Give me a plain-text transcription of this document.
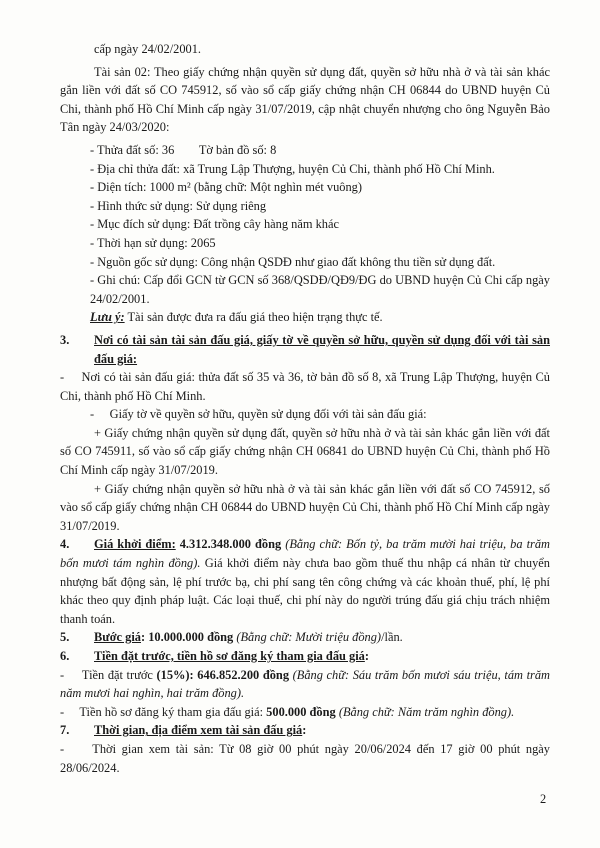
cấp ngày 24/02/2001.

Tài sản 02: Theo giấy chứng nhận quyền sử dụng đất, quyền sở hữu nhà ở và tài sản khác gắn liền với đất số CO 745912, số vào sổ cấp giấy chứng nhận CH 06844 do UBND huyện Củ Chi, thành phố Hồ Chí Minh cấp ngày 31/07/2019, cập nhật chuyển nhượng cho ông Nguyễn Bảo Tân ngày 24/03/2020:

- Thửa đất số: 36        Tờ bản đồ số: 8

- Địa chỉ thửa đất: xã Trung Lập Thượng, huyện Củ Chi, thành phố Hồ Chí Minh.

- Diện tích: 1000 m² (bằng chữ: Một nghìn mét vuông)

- Hình thức sử dụng: Sử dụng riêng

- Mục đích sử dụng: Đất trồng cây hàng năm khác

- Thời hạn sử dụng: 2065

- Nguồn gốc sử dụng: Công nhận QSDĐ như giao đất không thu tiền sử dụng đất.

- Ghi chú: Cấp đổi GCN từ GCN số 368/QSDĐ/QĐ9/ĐG do UBND huyện Củ Chi cấp ngày 24/02/2001.

Lưu ý: Tài sản được đưa ra đấu giá theo hiện trạng thực tế.

3. Nơi có tài sản tài sản đấu giá, giấy tờ về quyền sở hữu, quyền sử dụng đối với tài sản đấu giá:

-     Nơi có tài sản đấu giá: thửa đất số 35 và 36, tờ bản đồ số 8, xã Trung Lập Thượng, huyện Củ Chi, thành phố Hồ Chí Minh.

-     Giấy tờ về quyền sở hữu, quyền sử dụng đối với tài sản đấu giá:

+ Giấy chứng nhận quyền sử dụng đất, quyền sở hữu nhà ở và tài sản khác gắn liền với đất số CO 745911, số vào sổ cấp giấy chứng nhận CH 06841 do UBND huyện Củ Chi, thành phố Hồ Chí Minh cấp ngày 31/07/2019.

+ Giấy chứng nhận quyền sở hữu nhà ở và tài sản khác gắn liền với đất số CO 745912, số vào sổ cấp giấy chứng nhận CH 06844 do UBND huyện Củ Chi, thành phố Hồ Chí Minh cấp ngày 31/07/2019.

4. Giá khởi điểm: 4.312.348.000 đồng (Bằng chữ: Bốn tỷ, ba trăm mười hai triệu, ba trăm bốn mươi tám nghìn đồng). Giá khởi điểm này chưa bao gồm thuế thu nhập cá nhân từ chuyển nhượng bất động sản, lệ phí trước bạ, chi phí sang tên công chứng và các khoản thuế, phí, lệ phí khác theo quy định pháp luật. Các loại thuế, chi phí này do người trúng đấu giá chịu trách nhiệm thanh toán.

5. Bước giá: 10.000.000 đồng (Bằng chữ: Mười triệu đồng)/lần.

6. Tiền đặt trước, tiền hồ sơ đăng ký tham gia đấu giá:

-     Tiền đặt trước (15%): 646.852.200 đồng (Bằng chữ: Sáu trăm bốn mươi sáu triệu, tám trăm năm mươi hai nghìn, hai trăm đồng).

-     Tiền hồ sơ đăng ký tham gia đấu giá: 500.000 đồng (Bằng chữ: Năm trăm nghìn đồng).

7. Thời gian, địa điểm xem tài sản đấu giá:

-     Thời gian xem tài sản: Từ 08 giờ 00 phút ngày 20/06/2024 đến 17 giờ 00 phút ngày 28/06/2024.

2
